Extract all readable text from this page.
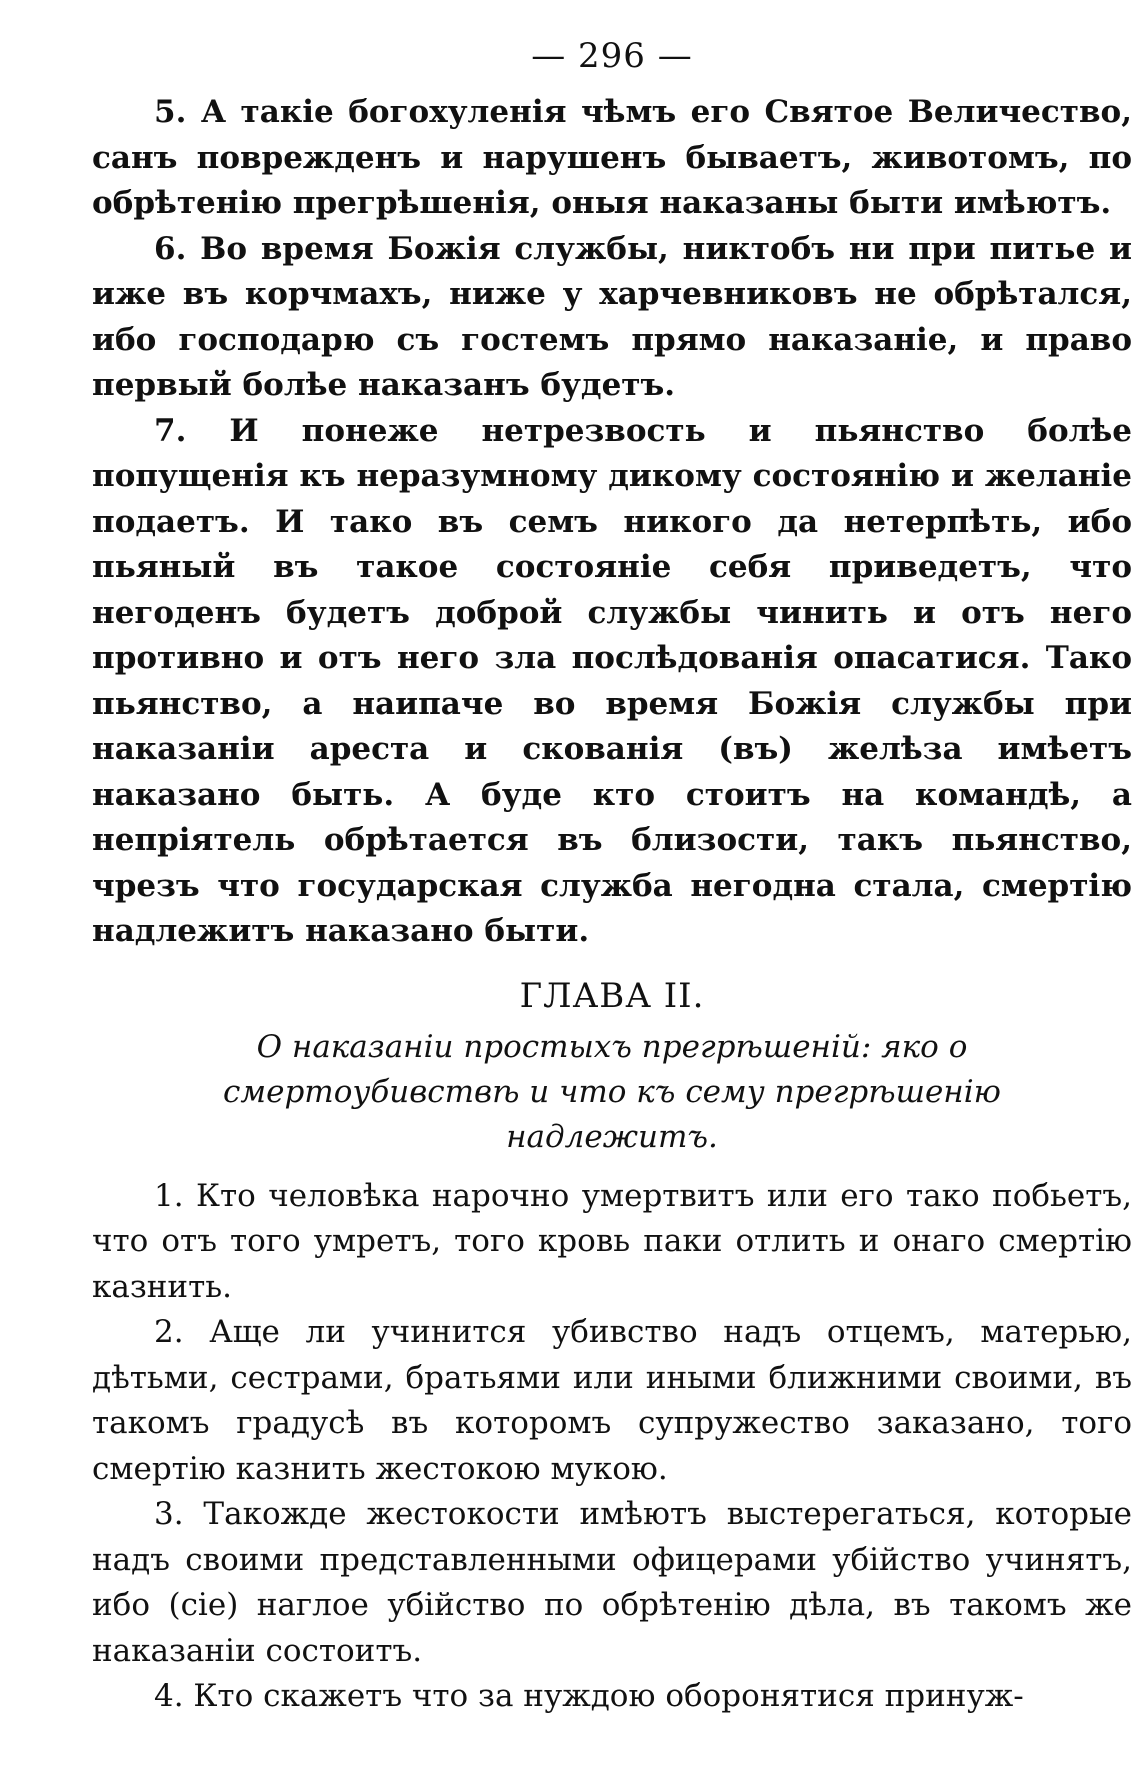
— 296 —

5. А такіе богохуленія чѣмъ его Святое Величество, санъ поврежденъ и нарушенъ бываетъ, животомъ, по обрѣтенію прегрѣшенія, оныя наказаны быти имѣютъ.

6. Во время Божія службы, никтобъ ни при питье и иже въ корчмахъ, ниже у харчевниковъ не обрѣтался, ибо господарю съ гостемъ прямо наказаніе, и право первый болѣе наказанъ будетъ.

7. И понеже нетрезвость и пьянство болѣе попущенія къ неразумному дикому состоянію и желаніе подаетъ. И тако въ семъ никого да нетерпѣть, ибо пьяный въ такое состояніе себя приведетъ, что негоденъ будетъ доброй службы чинить и отъ него противно и отъ него зла послѣдованія опасатися. Тако пьянство, а наипаче во время Божія службы при наказаніи ареста и скованія (въ) желѣза имѣетъ наказано быть. А буде кто стоитъ на командѣ, а непріятель обрѣтается въ близости, такъ пьянство, чрезъ что государская служба негодна стала, смертію надлежитъ наказано быти.

ГЛАВА II.
О наказаніи простыхъ прегрѣшеній: яко о смертоубивствѣ и что къ сему прегрѣшенію надлежитъ.

1. Кто человѣка нарочно умертвитъ или его тако побьетъ, что отъ того умретъ, того кровь паки отлить и онаго смертію казнить.

2. Аще ли учинится убивство надъ отцемъ, матерью, дѣтьми, сестрами, братьями или иными ближними своими, въ такомъ градусѣ въ которомъ супружество заказано, того смертію казнить жестокою мукою.

3. Такожде жестокости имѣютъ выстерегаться, которые надъ своими представленными офицерами убійство учинятъ, ибо (сіе) наглое убійство по обрѣтенію дѣла, въ такомъ же наказаніи состоитъ.

4. Кто скажетъ что за нуждою оборонятися принуж-
